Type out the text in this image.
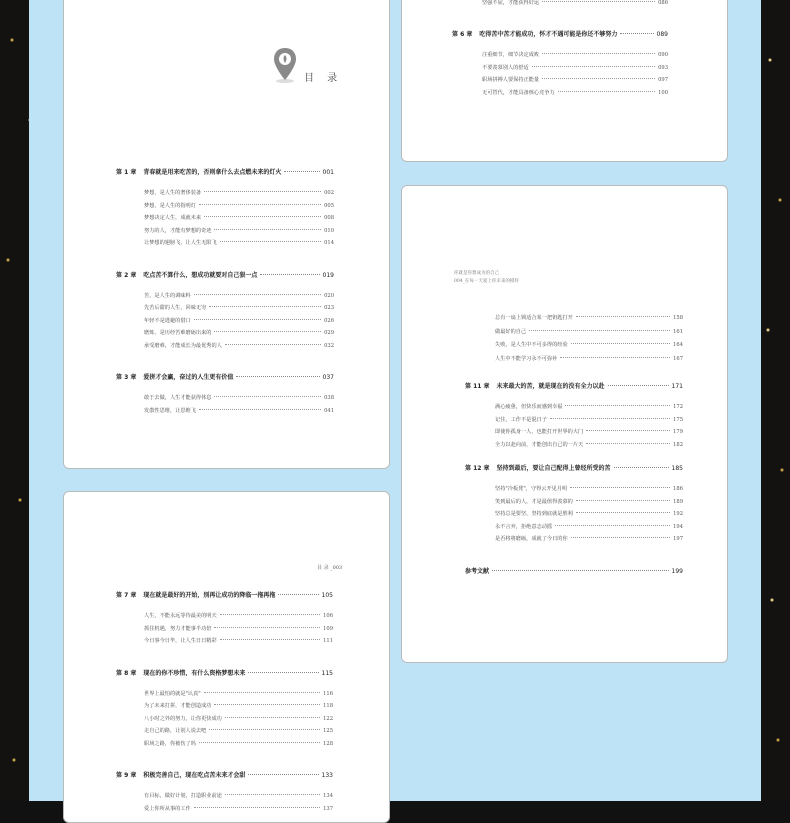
目 录
第 1 章 青春就是用来吃苦的，否则拿什么去点燃未来的灯火	001
梦想，是人生的奢侈装备	002
梦想，是人生的指明灯	005
梦想决定人生，成就未来	008
努力的人，才能有梦想的奇迹	010
让梦想的翅膀飞，让人生无限飞	014
第 2 章 吃点苦不算什么，想成功就要对自己狠一点	019
苦，是人生的调味料	020
先苦后甜的人生，回味无穷	023
年轻不是逃避的借口	026
磨炼，是历经苦难磨砺出来的	029
承受磨难，才能成长为最优秀的人	032
第 3 章 爱拼才会赢，奋过的人生更有价值	037
敢于去做，人生才能获得休息	038
发散性思维，让思维飞	041
坚强不屈，才能获得好运	086
第 6 章 吃得苦中苦才能成功，怀才不遇可能是你还不够努力	089
注重细节，细节决定成败	090
不要羡慕别人的舒适	093
职场拼搏人要保持正能量	097
无可替代，才能具备核心竞争力	100
你就是你想成为的自己
004_在每一天爱上你未来的模样
总有一扇上锁适合某一把钥匙打开	158
做最好的自己	161
失败，是人生中不可多得的经验	164
人生中不能学习永不可弥补	167
第 11 章 未来最大的苦，就是现在的没有全力以赴	171
满心疲惫，但快乐而感到幸福	172
记住，工作不是混日子	175
即使你孤身一人，也能打开世界的大门	179
全力以赴向前，才能创出自己的一片天	182
第 12 章 坚持到最后，要让自己配得上曾经所受的苦	185
坚持"冷板凳"，守得云开见月明	186
笑到最后的人，才是最值得羡慕的	189
坚持总是要坚，坚持到底就是胜利	192
永不言弃，拒绝意志动摇	194
是否将将磨砺，成就了今日的你	197
参考文献	199
目 录 _003
第 7 章 现在就是最好的开始，别再让成功的降临一拖再拖	105
人生，不能永远等待最美的明天	106
抓住机遇，努力才能事半功倍	109
今日事今日毕，让人生日日精彩	111
第 8 章 现在的你不珍惜，有什么资格梦想未来	115
世界上最怕的就是"认真"	116
为了未来打拼，才能创造成功	118
八小时之外的努力，让你更快成功	122
走自己的路，让别人说去吧	125
职场之路，你被伤了吗	128
第 9 章 积极完善自己，现在吃点苦未来才会甜	133
有目标，做好计划，打造职业前途	134
爱上你所从事的工作	137
